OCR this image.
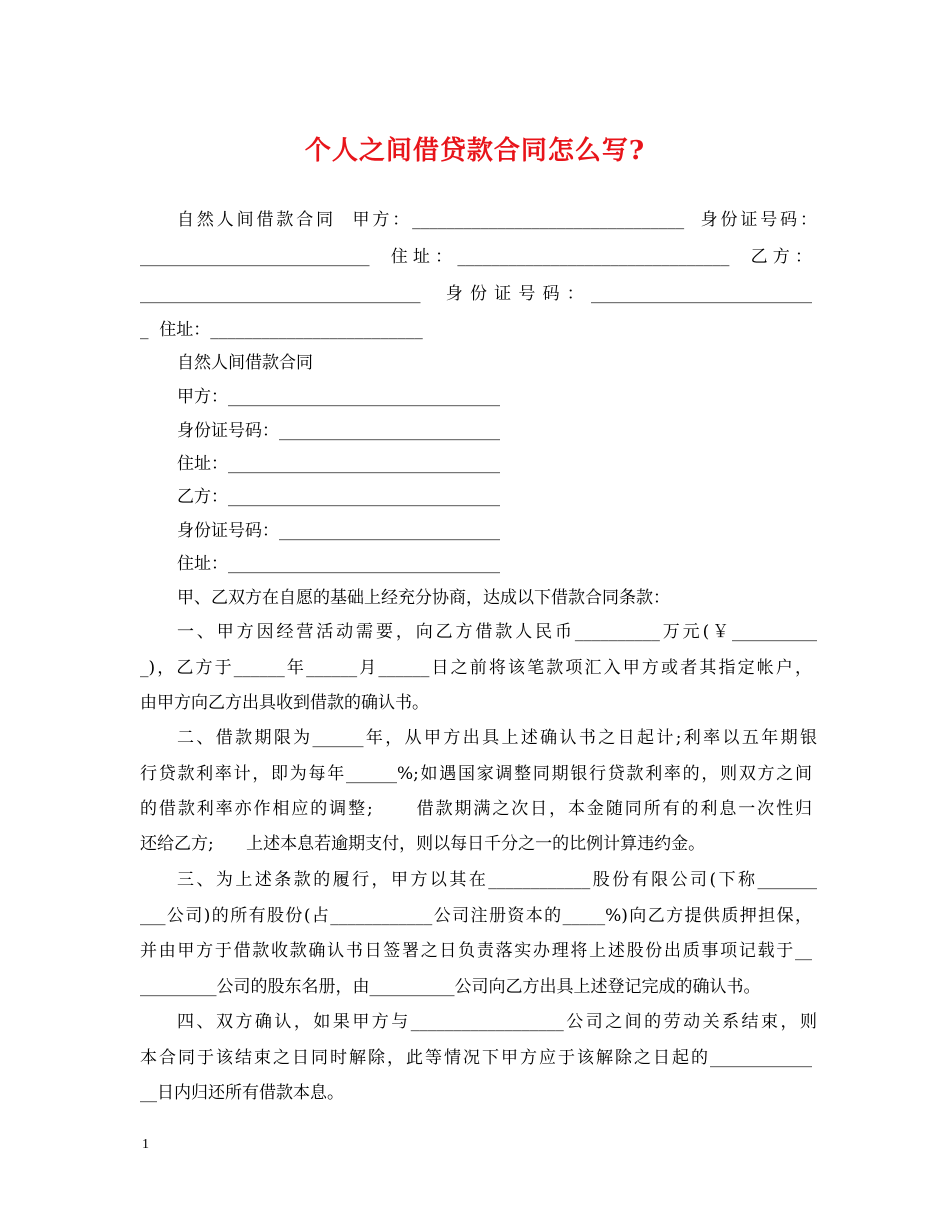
个人之间借贷款合同怎么写?
自然人间借款合同  甲方：________________________________  身份证号码：
___________________________  住址：________________________________  乙方：
_________________________________  身份证号码：__________________________
_  住址：_________________________
自然人间借款合同
甲方：________________________________
身份证号码：__________________________
住址：________________________________
乙方：________________________________
身份证号码：__________________________
住址：________________________________
甲、乙双方在自愿的基础上经充分协商，达成以下借款合同条款：
一、甲方因经营活动需要，向乙方借款人民币__________万元(￥__________
_)，乙方于______年______月______日之前将该笔款项汇入甲方或者其指定帐户，
由甲方向乙方出具收到借款的确认书。
二、借款期限为______年，从甲方出具上述确认书之日起计;利率以五年期银
行贷款利率计，即为每年______%;如遇国家调整同期银行贷款利率的，则双方之间
的借款利率亦作相应的调整;      借款期满之次日，本金随同所有的利息一次性归
还给乙方;      上述本息若逾期支付，则以每日千分之一的比例计算违约金。
三、为上述条款的履行，甲方以其在____________股份有限公司(下称_______
___公司)的所有股份(占____________公司注册资本的_____%)向乙方提供质押担保，
并由甲方于借款收款确认书日签署之日负责落实办理将上述股份出质事项记载于__
_________公司的股东名册，由__________公司向乙方出具上述登记完成的确认书。
四、双方确认，如果甲方与__________________公司之间的劳动关系结束，则
本合同于该结束之日同时解除，此等情况下甲方应于该解除之日起的____________
__日内归还所有借款本息。
1
